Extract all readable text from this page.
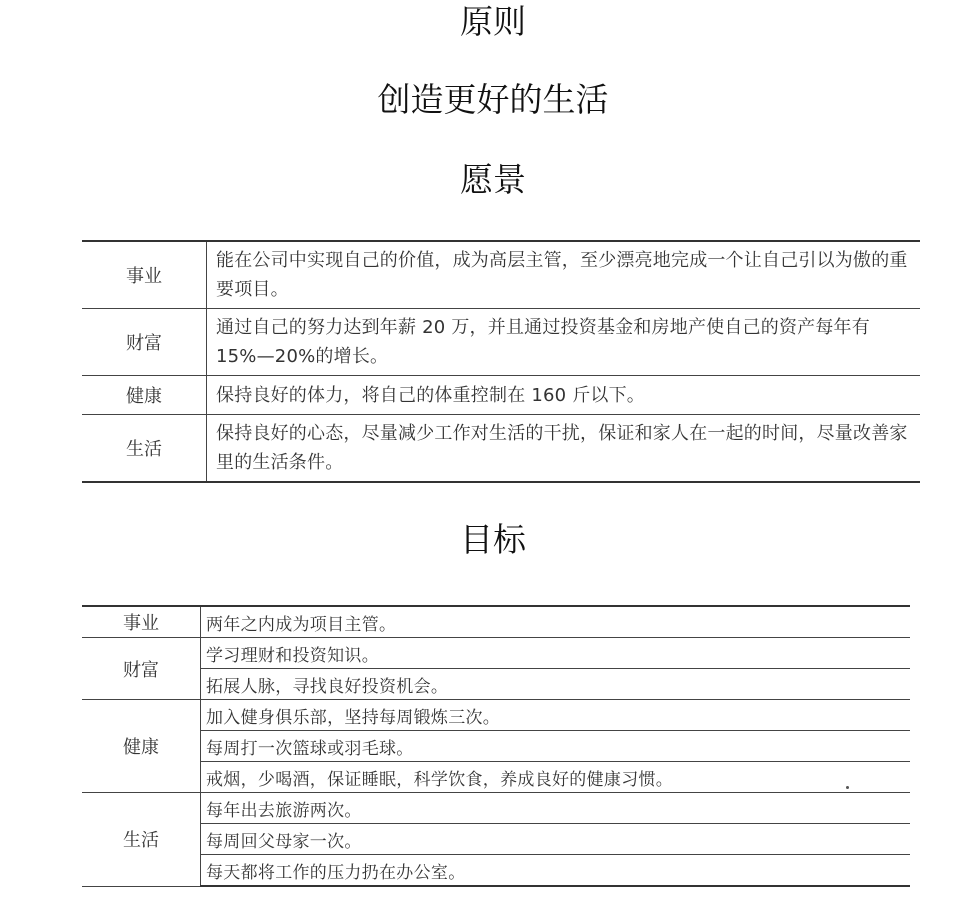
原则
创造更好的生活
愿景
事业	能在公司中实现自己的价值，成为高层主管，至少漂亮地完成一个让自己引以为傲的重要项目。
财富	通过自己的努力达到年薪 20 万，并且通过投资基金和房地产使自己的资产每年有 15%—20%的增长。
健康	保持良好的体力，将自己的体重控制在 160 斤以下。
生活	保持良好的心态，尽量减少工作对生活的干扰，保证和家人在一起的时间，尽量改善家里的生活条件。
目标
事业	两年之内成为项目主管。
财富	学习理财和投资知识。
	拓展人脉，寻找良好投资机会。
健康	加入健身俱乐部，坚持每周锻炼三次。
	每周打一次篮球或羽毛球。
	戒烟，少喝酒，保证睡眠，科学饮食，养成良好的健康习惯。
生活	每年出去旅游两次。
	每周回父母家一次。
	每天都将工作的压力扔在办公室。
